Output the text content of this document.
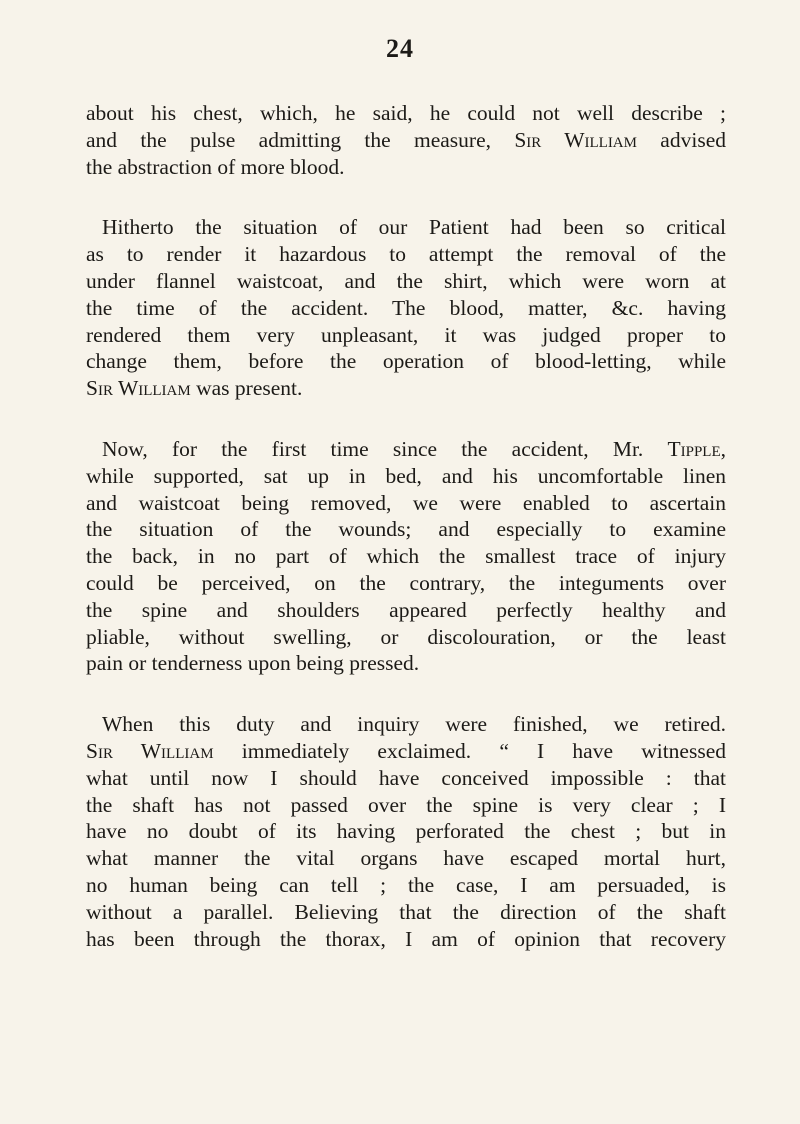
24

about his chest, which, he said, he could not well describe ;
and the pulse admitting the measure, Sir William advised
the abstraction of more blood.

Hitherto the situation of our Patient had been so critical
as to render it hazardous to attempt the removal of the
under flannel waistcoat, and the shirt, which were worn at
the time of the accident. The blood, matter, &c. having
rendered them very unpleasant, it was judged proper to
change them, before the operation of blood-letting, while
Sir William was present.

Now, for the first time since the accident, Mr. Tipple,
while supported, sat up in bed, and his uncomfortable linen
and waistcoat being removed, we were enabled to ascertain
the situation of the wounds; and especially to examine
the back, in no part of which the smallest trace of injury
could be perceived, on the contrary, the integuments over
the spine and shoulders appeared perfectly healthy and
pliable, without swelling, or discolouration, or the least
pain or tenderness upon being pressed.

When this duty and inquiry were finished, we retired.
Sir William immediately exclaimed. “ I have witnessed
what until now I should have conceived impossible : that
the shaft has not passed over the spine is very clear ; I
have no doubt of its having perforated the chest ; but in
what manner the vital organs have escaped mortal hurt,
no human being can tell ; the case, I am persuaded, is
without a parallel. Believing that the direction of the shaft
has been through the thorax, I am of opinion that recovery
